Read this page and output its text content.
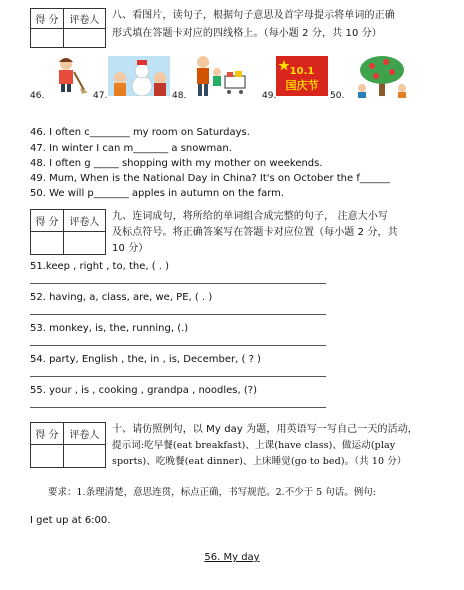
得 分	评卷人
	八、看图片，读句子，根据句子意思及首字母提示将单词的正确
形式填在答题卡对应的四线格上。（每小题 2 分，共 10 分）
46.	47.	48.	49.
10.1
国庆节
50.
46. I often c________ my room on Saturdays.
47. In winter I can m_______ a snowman.
48. I often g _____ shopping with my mother on weekends.
49. Mum, When is the National Day in China? It's on October the f______
50. We will p_______ apples in autumn on the farm.
得 分	评卷人

九、连词成句，将所给的单词组合成完整的句子， 注意大小写
及标点符号。将正确答案写在答题卡对应位置（每小题 2 分，共
10 分）
51.keep , right , to, the, ( . )
52. having, a, class, are, we, PE, ( . )
53. monkey, is, the, running, (.)
54. party, English , the, in , is, December, ( ? )
55. your , is , cooking , grandpa , noodles, (?)
得 分	评卷人

十、请仿照例句，以 My day 为题，用英语写一写自己一天的活动，
提示词:吃早餐(eat breakfast)、上课(have class)、做运动(play
sports)、吃晚餐(eat dinner)、上床睡觉(go to bed)。（共 10 分）
要求：1.条理清楚，意思连贯，标点正确，书写规范。2.不少于 5 句话。例句:
I get up at 6:00.
56. My day
